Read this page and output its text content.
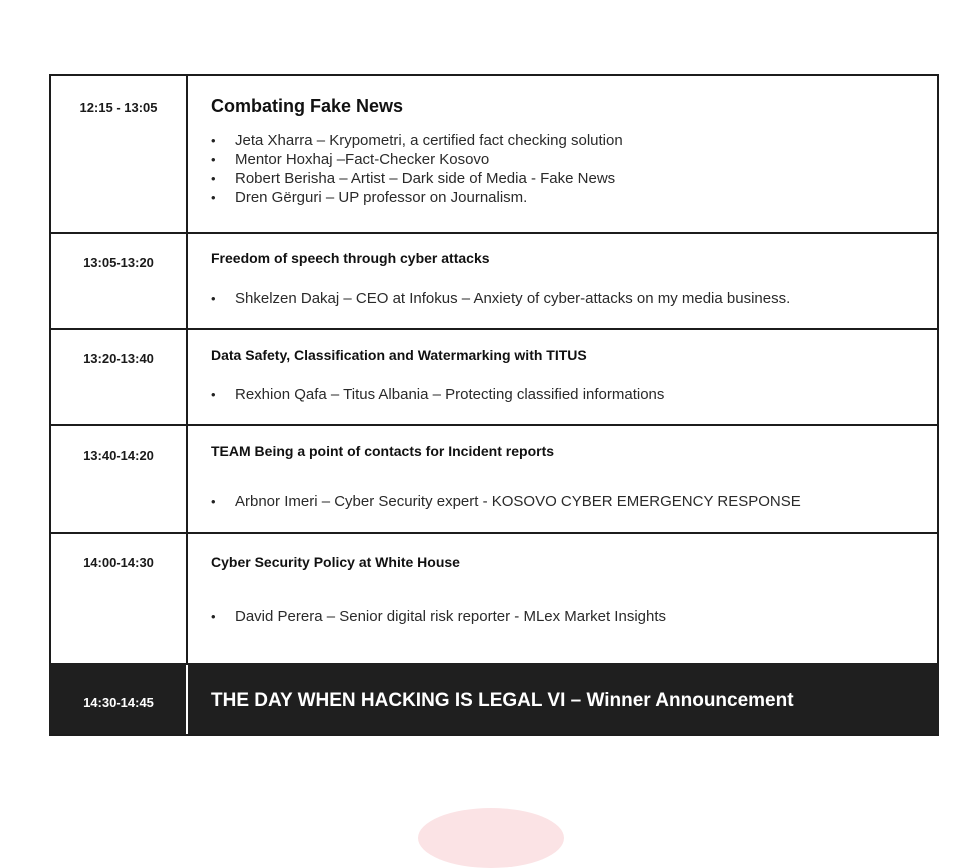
12:15 - 13:05	Combating Fake News
• Jeta Xharra – Krypometri, a certified fact checking solution
• Mentor Hoxhaj –Fact-Checker Kosovo
• Robert Berisha – Artist – Dark side of Media - Fake News
• Dren Gërguri – UP professor on Journalism.
13:05-13:20	Freedom of speech through cyber attacks
• Shkelzen Dakaj – CEO at Infokus – Anxiety of cyber-attacks on my media business.
13:20-13:40	Data Safety, Classification and Watermarking with TITUS
• Rexhion Qafa – Titus Albania – Protecting classified informations
13:40-14:20	TEAM Being a point of contacts for Incident reports
• Arbnor Imeri – Cyber Security expert - KOSOVO CYBER EMERGENCY RESPONSE
14:00-14:30	Cyber Security Policy at White House
• David Perera – Senior digital risk reporter - MLex Market Insights
14:30-14:45	THE DAY WHEN HACKING IS LEGAL VI – Winner Announcement
